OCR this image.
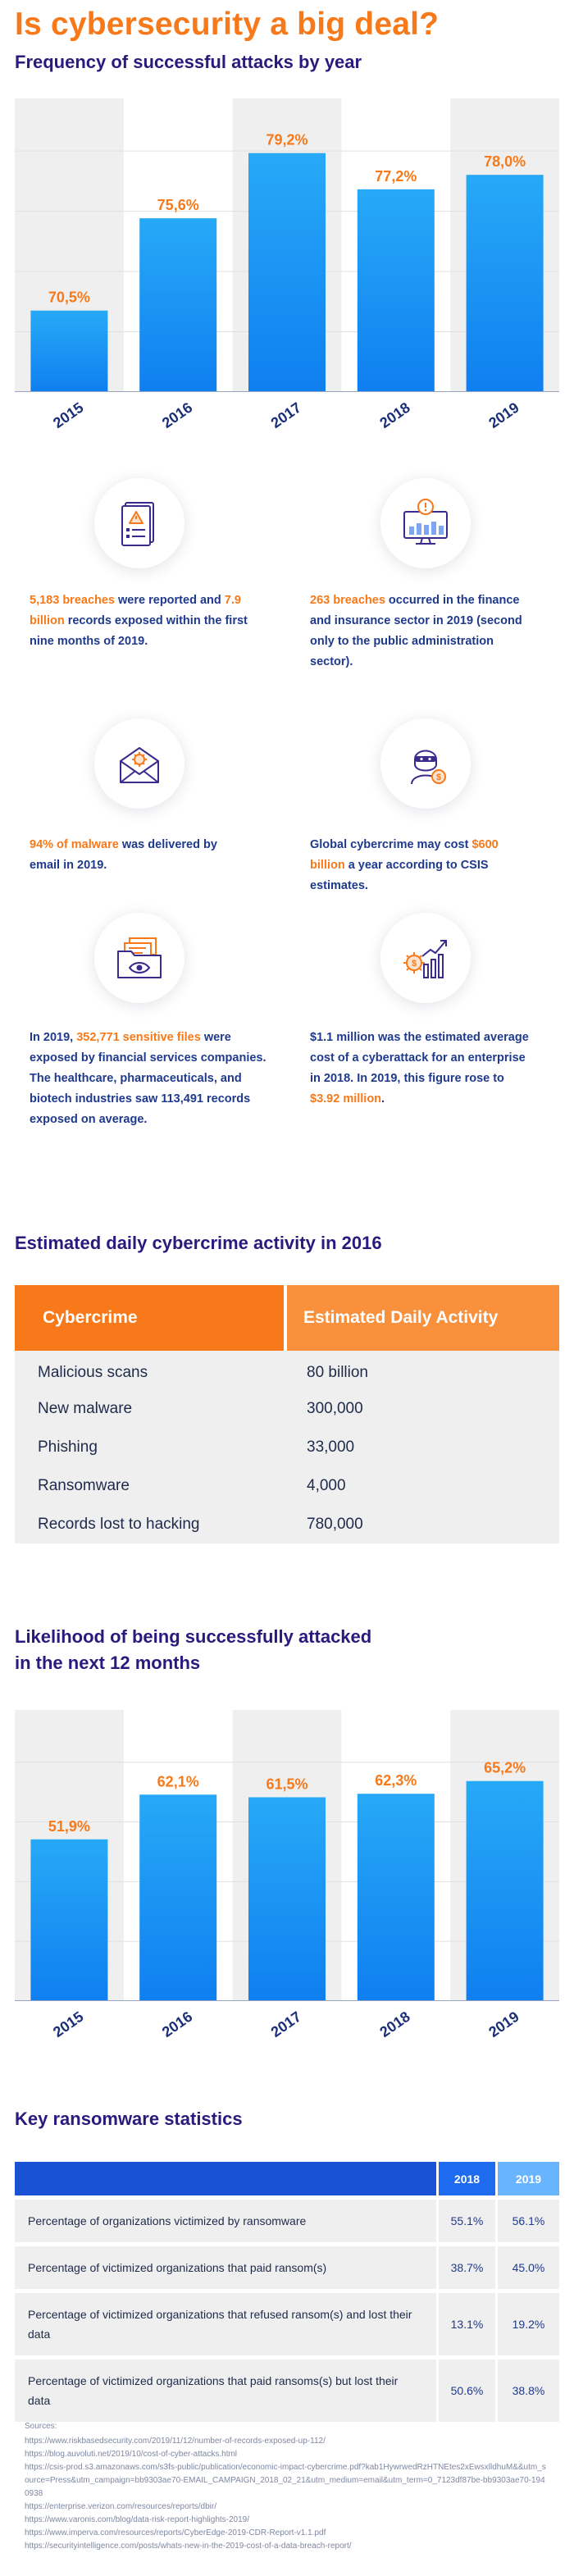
Is cybersecurity a big deal?
Frequency of successful attacks by year
70,5%
75,6%
79,2%
77,2%
78,0%
2015	2016	2017	2018	2019
$
$

5,183 breaches were reported and 7.9 billion records exposed within the first nine months of 2019.

263 breaches occurred in the finance and insurance sector in 2019 (second only to the public administration sector).

94% of malware was delivered by email in 2019.

Global cybercrime may cost $600 billion a year according to CSIS estimates.

In 2019, 352,771 sensitive files were exposed by financial services companies. The healthcare, pharmaceuticals, and biotech industries saw 113,491 records exposed on average.

$1.1 million was the estimated average cost of a cyberattack for an enterprise in 2018. In 2019, this figure rose to $3.92 million.

Estimated daily cybercrime activity in 2016
Cybercrime	Estimated Daily Activity
Malicious scans	80 billion
New malware	300,000
Phishing	33,000
Ransomware	4,000
Records lost to hacking	780,000
Likelihood of being successfully attacked
in the next 12 months
51,9%
62,1%	61,5%	62,3%
65,2%
2015	2016	2017	2018	2019
Key ransomware statistics
	2018	2019
Percentage of organizations victimized by ransomware	55.1%	56.1%
Percentage of victimized organizations that paid ransom(s)	38.7%	45.0%
Percentage of victimized organizations that refused ransom(s) and lost their data	13.1%	19.2%
Percentage of victimized organizations that paid ransoms(s) but lost their data	50.6%	38.8%
Sources:
https://www.riskbasedsecurity.com/2019/11/12/number-of-records-exposed-up-112/
https://blog.auvoluti.net/2019/10/cost-of-cyber-attacks.html
https://csis-prod.s3.amazonaws.com/s3fs-public/publication/economic-impact-cybercrime.pdf?kab1HywrwedRzHTNEtes2xEwsxlldhuM&&utm_source=Press&utm_campaign=bb9303ae70-EMAIL_CAMPAIGN_2018_02_21&utm_medium=email&utm_term=0_7123df87be-bb9303ae70-1940938
https://enterprise.verizon.com/resources/reports/dbir/
https://www.varonis.com/blog/data-risk-report-highlights-2019/
https://www.imperva.com/resources/reports/CyberEdge-2019-CDR-Report-v1.1.pdf
https://securityintelligence.com/posts/whats-new-in-the-2019-cost-of-a-data-breach-report/
